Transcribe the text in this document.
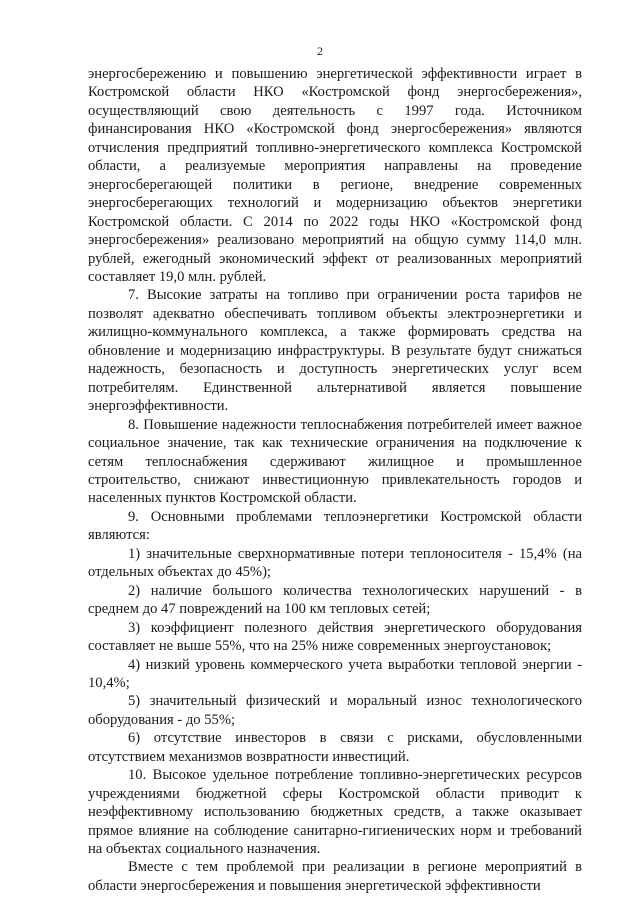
2

энергосбережению и повышению энергетической эффективности играет в Костромской области НКО «Костромской фонд энергосбережения», осуществляющий свою деятельность с 1997 года. Источником финансирования НКО «Костромской фонд энергосбережения» являются отчисления предприятий топливно-энергетического комплекса Костромской области, а реализуемые мероприятия направлены на проведение энергосберегающей политики в регионе, внедрение современных энергосберегающих технологий и модернизацию объектов энергетики Костромской области. С 2014 по 2022 годы НКО «Костромской фонд энергосбережения» реализовано мероприятий на общую сумму 114,0 млн. рублей, ежегодный экономический эффект от реализованных мероприятий составляет 19,0 млн. рублей.

7. Высокие затраты на топливо при ограничении роста тарифов не позволят адекватно обеспечивать топливом объекты электроэнергетики и жилищно-коммунального комплекса, а также формировать средства на обновление и модернизацию инфраструктуры. В результате будут снижаться надежность, безопасность и доступность энергетических услуг всем потребителям. Единственной альтернативой является повышение энергоэффективности.

8. Повышение надежности теплоснабжения потребителей имеет важное социальное значение, так как технические ограничения на подключение к сетям теплоснабжения сдерживают жилищное и промышленное строительство, снижают инвестиционную привлекательность городов и населенных пунктов Костромской области.

9. Основными проблемами теплоэнергетики Костромской области являются:

1) значительные сверхнормативные потери теплоносителя - 15,4% (на отдельных объектах до 45%);

2) наличие большого количества технологических нарушений - в среднем до 47 повреждений на 100 км тепловых сетей;

3) коэффициент полезного действия энергетического оборудования составляет не выше 55%, что на 25% ниже современных энергоустановок;

4) низкий уровень коммерческого учета выработки тепловой энергии - 10,4%;

5) значительный физический и моральный износ технологического оборудования - до 55%;

6) отсутствие инвесторов в связи с рисками, обусловленными отсутствием механизмов возвратности инвестиций.

10. Высокое удельное потребление топливно-энергетических ресурсов учреждениями бюджетной сферы Костромской области приводит к неэффективному использованию бюджетных средств, а также оказывает прямое влияние на соблюдение санитарно-гигиенических норм и требований на объектах социального назначения.

Вместе с тем проблемой при реализации в регионе мероприятий в области энергосбережения и повышения энергетической эффективности
